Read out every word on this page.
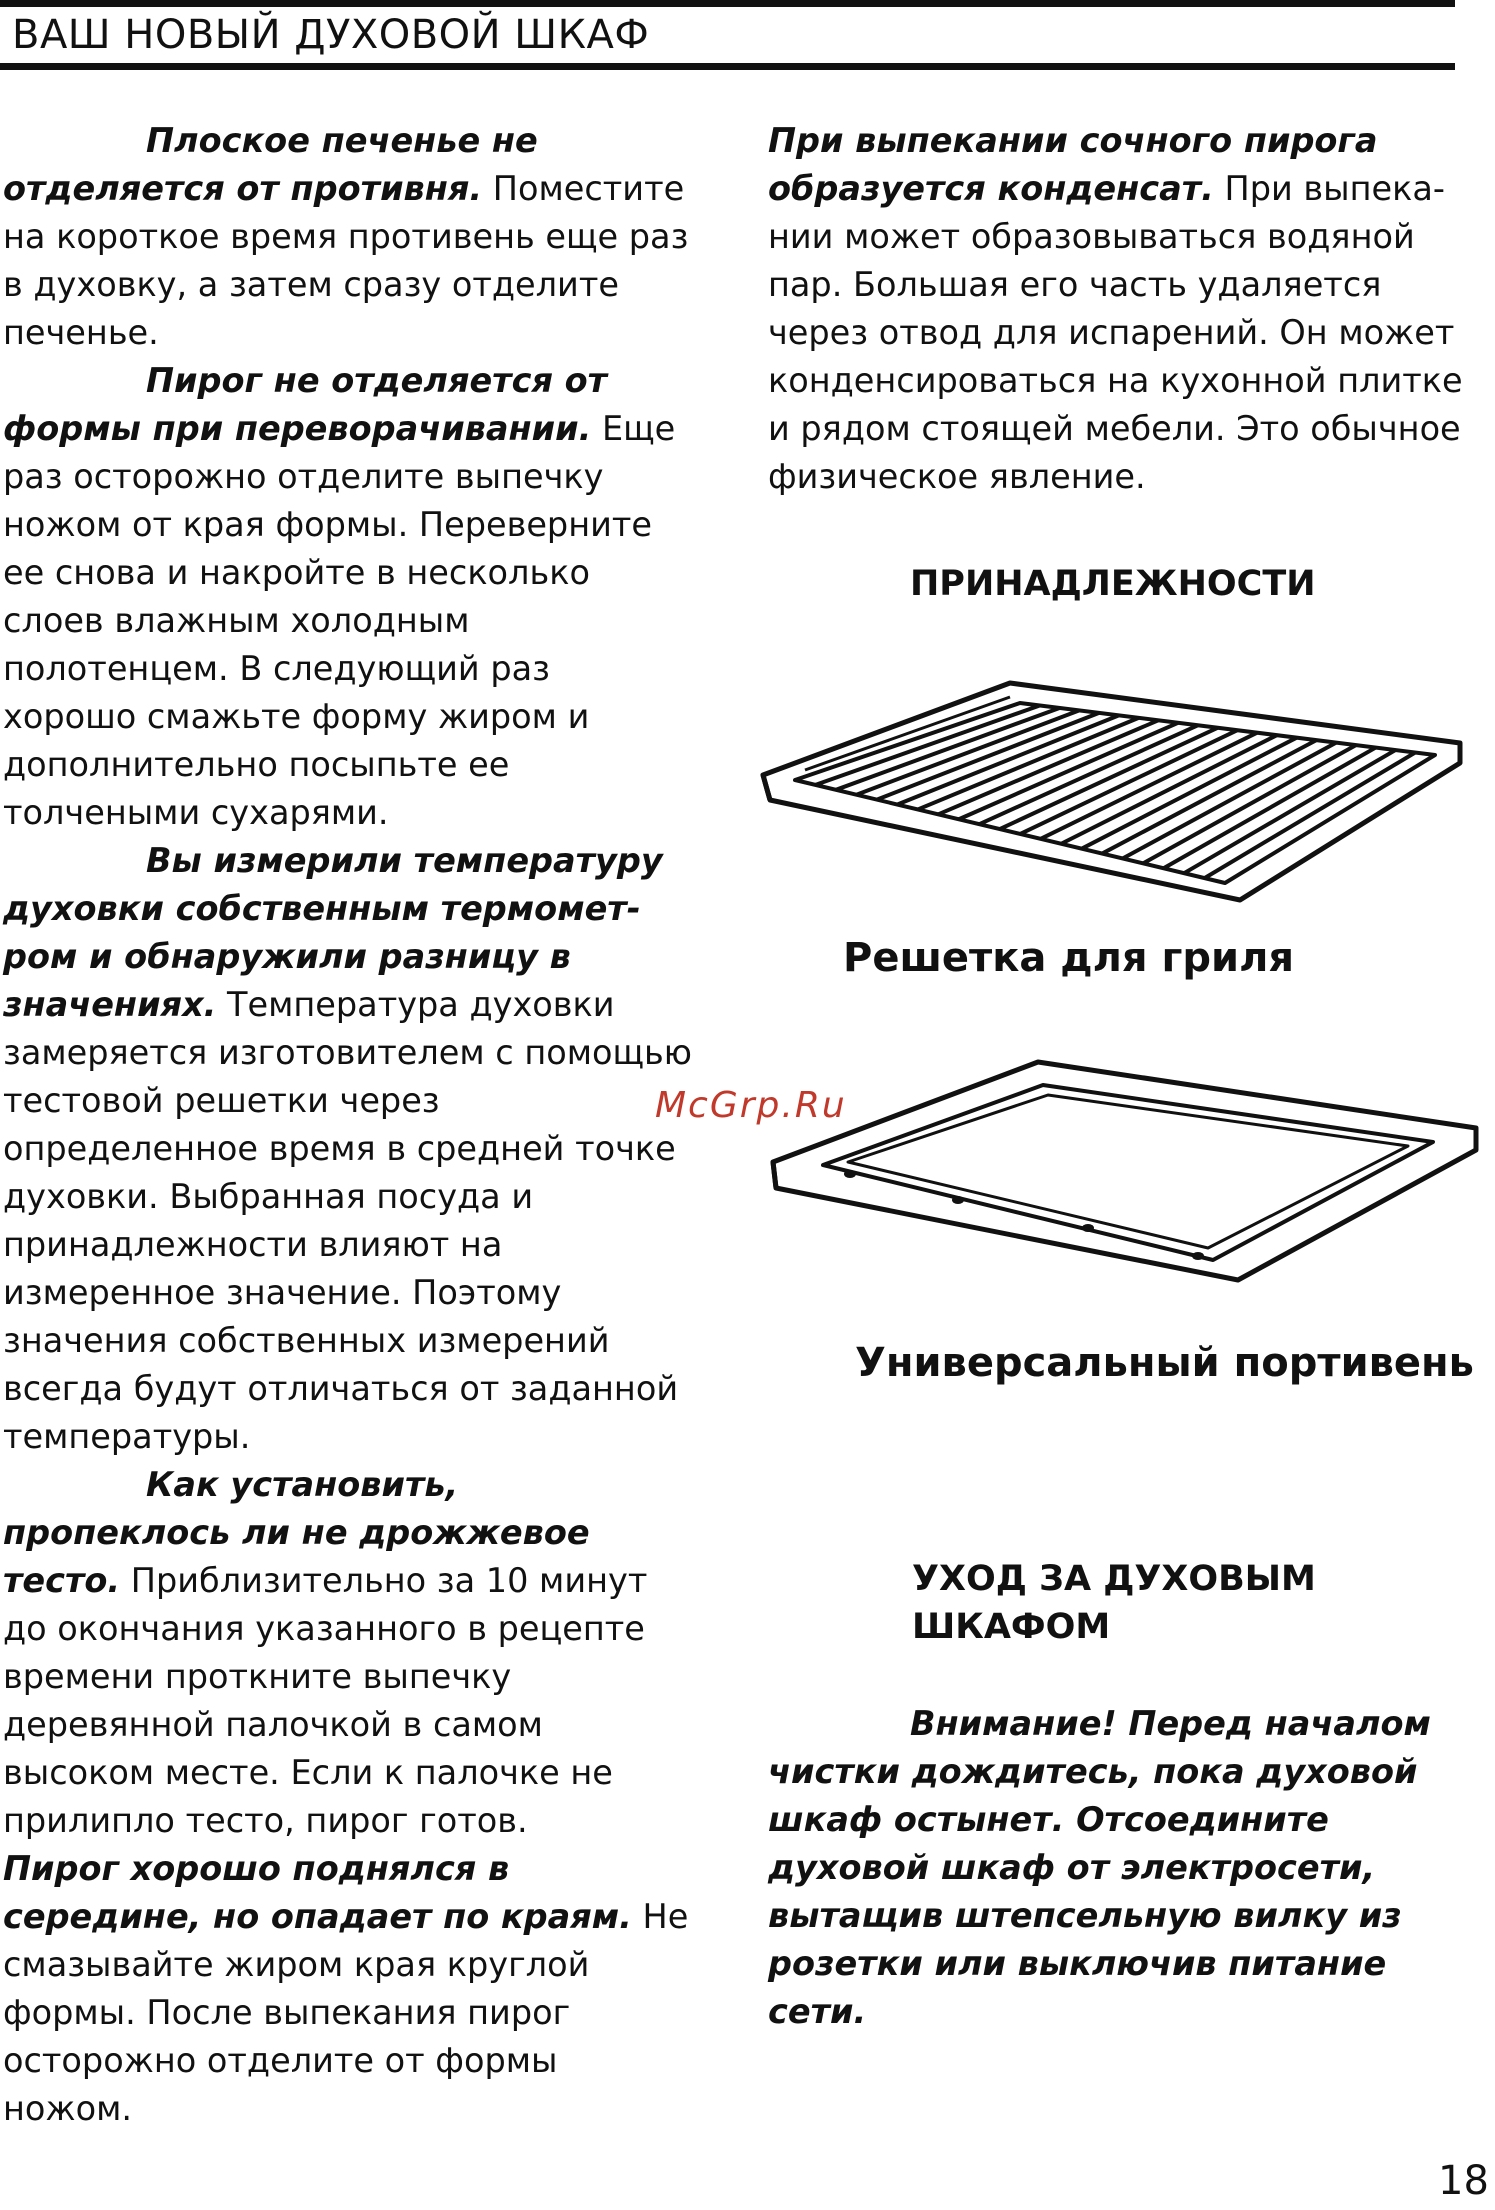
ВАШ НОВЫЙ ДУХОВОЙ ШКАФ

Плоское печенье не отделяется от противня. Поместите на короткое время противень еще раз в духовку, а затем сразу отделите печенье.

Пирог не отделяется от формы при переворачивании. Еще раз осторожно отделите выпечку ножом от края формы. Переверните ее снова и накройте в несколько слоев влажным холодным полотенцем. В следующий раз хорошо смажьте форму жиром и дополнительно посыпьте ее толчеными сухарями.

Вы измерили температуру духовки собственным термометром и обнаружили разницу в значениях. Температура духовки замеряется изготовителем с помощью тестовой решетки через определенное время в средней точке духовки. Выбранная посуда и принадлежности влияют на измеренное значение. Поэтому значения собственных измерений всегда будут отличаться от заданной температуры.

Как установить, пропеклось ли не дрожжевое тесто. Приблизительно за 10 минут до окончания указанного в рецепте времени проткните выпечку деревянной палочкой в самом высоком месте. Если к палочке не прилипло тесто, пирог готов.

Пирог хорошо поднялся в середине, но опадает по краям. Не смазывайте жиром края круглой формы. После выпекания пирог осторожно отделите от формы ножом.

При выпекании сочного пирога образуется конденсат. При выпекании может образовываться водяной пар. Большая его часть удаляется через отвод для испарений. Он может конденсироваться на кухонной плитке и рядом стоящей мебели. Это обычное физическое явление.

ПРИНАДЛЕЖНОСТИ
Решетка для гриля
McGrp.Ru
Универсальный портивень
УХОД ЗА ДУХОВЫМ
ШКАФОМ

Внимание! Перед началом чистки дождитесь, пока духовой шкаф остынет. Отсоедините духовой шкаф от электросети, вытащив штепсельную вилку из розетки или выключив питание сети.

18
